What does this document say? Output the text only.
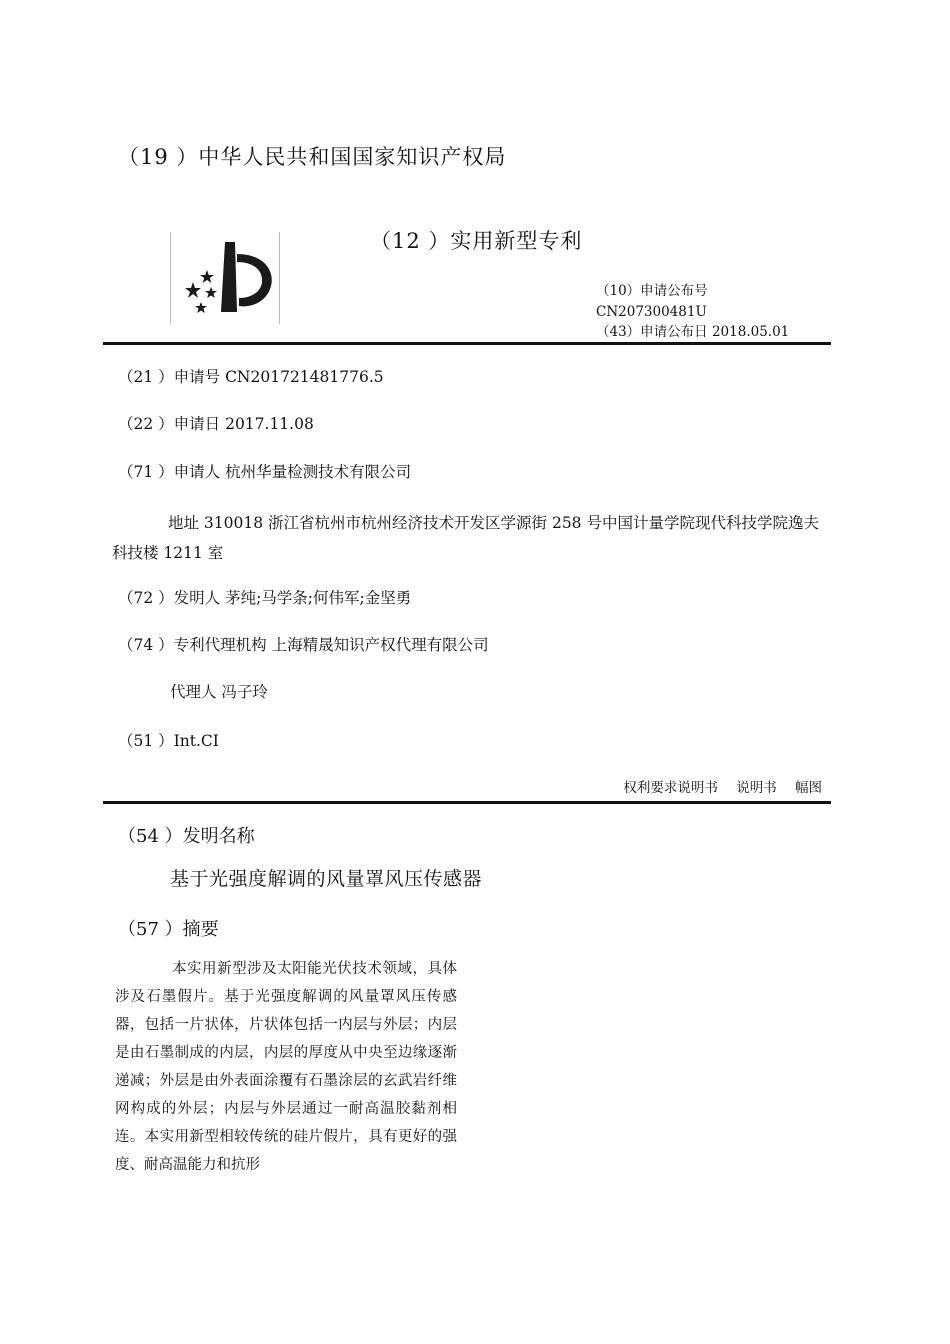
（19 ）中华人民共和国国家知识产权局
（12 ）实用新型专利
（10）申请公布号
CN207300481U
（43）申请公布日 2018.05.01
（21 ）申请号 CN201721481776.5
（22 ）申请日 2017.11.08
（71 ）申请人 杭州华量检测技术有限公司
地址 310018 浙江省杭州市杭州经济技术开发区学源街 258 号中国计量学院现代科技学院逸夫科技楼 1211 室
（72 ）发明人 茅纯;马学条;何伟军;金坚勇
（74 ）专利代理机构 上海精晟知识产权代理有限公司
代理人 冯子玲
（51 ）Int.CI
权利要求说明书 说明书 幅图
（54 ）发明名称
基于光强度解调的风量罩风压传感器
（57 ）摘要
本实用新型涉及太阳能光伏技术领域，具体涉及石墨假片。基于光强度解调的风量罩风压传感器，包括一片状体，片状体包括一内层与外层；内层是由石墨制成的内层，内层的厚度从中央至边缘逐渐递减；外层是由外表面涂覆有石墨涂层的玄武岩纤维网构成的外层；内层与外层通过一耐高温胶黏剂相连。本实用新型相较传统的硅片假片，具有更好的强度、耐高温能力和抗形
